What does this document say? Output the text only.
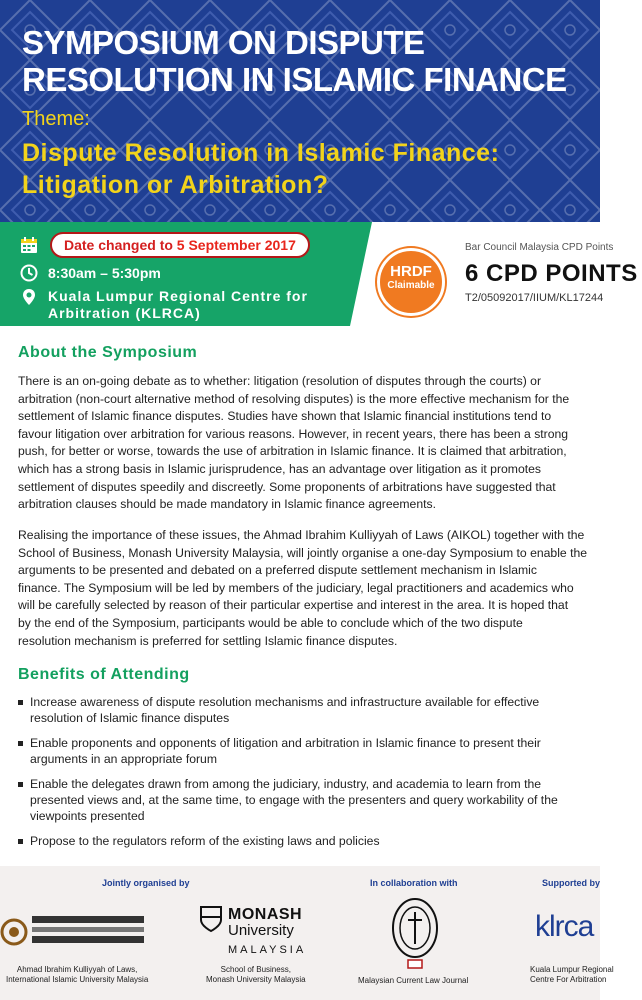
SYMPOSIUM ON DISPUTE
RESOLUTION IN ISLAMIC FINANCE
Theme:
Dispute Resolution in Islamic Finance:
Litigation or Arbitration?
Date changed to 5 September 2017
8:30am – 5:30pm
Kuala Lumpur Regional Centre for
Arbitration (KLRCA)
HRDF
Claimable
Bar Council Malaysia CPD Points
6 CPD POINTS
T2/05092017/IIUM/KL17244
About the Symposium
There is an on-going debate as to whether: litigation (resolution of disputes through the courts) or
arbitration (non-court alternative method of resolving disputes) is the more effective mechanism for the
settlement of Islamic finance disputes. Studies have shown that Islamic financial institutions tend to
favour litigation over arbitration for various reasons. However, in recent years, there has been a strong
push, for better or worse, towards the use of arbitration in Islamic finance. It is claimed that arbitration,
which has a strong basis in Islamic jurisprudence, has an advantage over litigation as it promotes
settlement of disputes speedily and discreetly. Some proponents of arbitrations have suggested that
arbitration clauses should be made mandatory in Islamic finance agreements.
Realising the importance of these issues, the Ahmad Ibrahim Kulliyyah of Laws (AIKOL) together with the
School of Business, Monash University Malaysia, will jointly organise a one-day Symposium to enable the
arguments to be presented and debated on a preferred dispute settlement mechanism in Islamic
finance. The Symposium will be led by members of the judiciary, legal practitioners and academics who
will be carefully selected by reason of their particular expertise and interest in the area. It is hoped that
by the end of the Symposium, participants would be able to conclude which of the two dispute
resolution mechanism is preferred for settling Islamic finance disputes.
Benefits of Attending
Increase awareness of dispute resolution mechanisms and infrastructure available for effective
resolution of Islamic finance disputes
Enable proponents and opponents of litigation and arbitration in Islamic finance to present their
arguments in an appropriate forum
Enable the delegates drawn from among the judiciary, industry, and academia to learn from the
presented views and, at the same time, to engage with the presenters and query workability of the
viewpoints presented
Propose to the regulators reform of the existing laws and policies
Jointly organised by	In collaboration with	Supported by
Ahmad Ibrahim Kulliyyah of Laws,
International Islamic University Malaysia
MONASH
University
MALAYSIA
School of Business,
Monash University Malaysia	Malaysian Current Law Journal
klrca
Kuala Lumpur Regional
Centre For Arbitration
